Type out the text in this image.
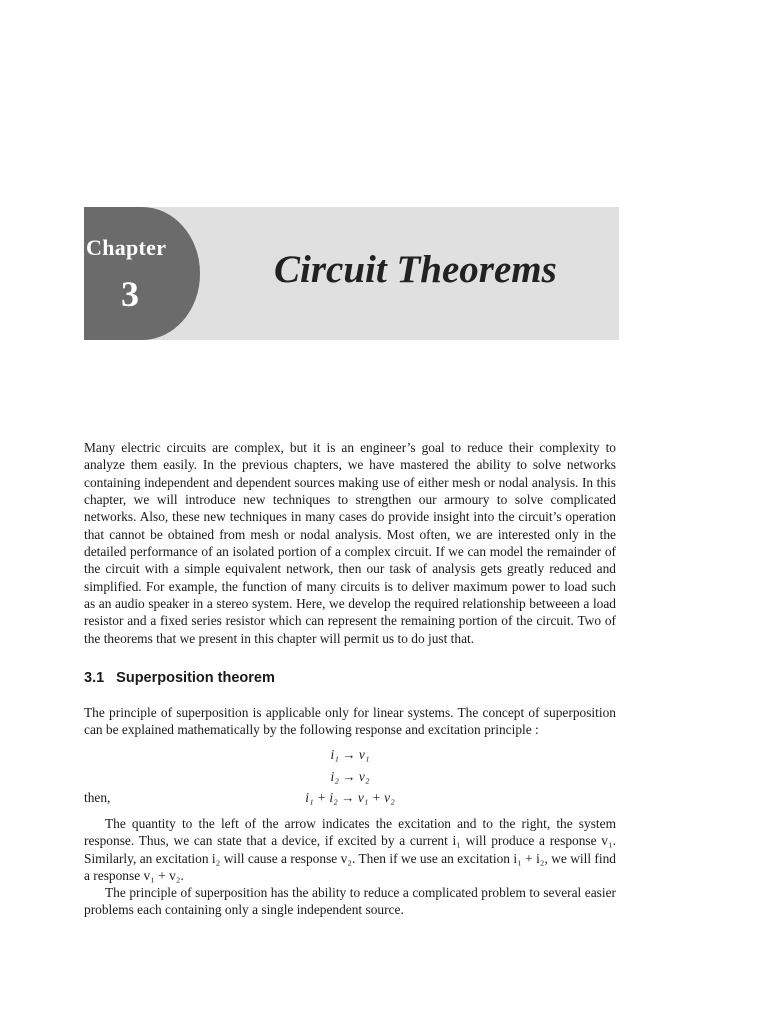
Chapter
3
Circuit Theorems

Many electric circuits are complex, but it is an engineer’s goal to reduce their complexity to analyze them easily. In the previous chapters, we have mastered the ability to solve networks containing independent and dependent sources making use of either mesh or nodal analysis. In this chapter, we will introduce new techniques to strengthen our armoury to solve complicated networks. Also, these new techniques in many cases do provide insight into the circuit’s operation that cannot be obtained from mesh or nodal analysis. Most often, we are interested only in the detailed performance of an isolated portion of a complex circuit. If we can model the remainder of the circuit with a simple equivalent network, then our task of analysis gets greatly reduced and simplified. For example, the function of many circuits is to deliver maximum power to load such as an audio speaker in a stereo system. Here, we develop the required relationship betweeen a load resistor and a fixed series resistor which can represent the remaining portion of the circuit. Two of the theorems that we present in this chapter will permit us to do just that.

3.1 Superposition theorem

The principle of superposition is applicable only for linear systems. The concept of superposition can be explained mathematically by the following response and excitation principle :

i₁ → v₁
i₂ → v₂
then,	i₁ + i₂ → v₁ + v₂

The quantity to the left of the arrow indicates the excitation and to the right, the system response. Thus, we can state that a device, if excited by a current i₁ will produce a response v₁. Similarly, an excitation i₂ will cause a response v₂. Then if we use an excitation i₁ + i₂, we will find a response v₁ + v₂.

The principle of superposition has the ability to reduce a complicated problem to several easier problems each containing only a single independent source.
